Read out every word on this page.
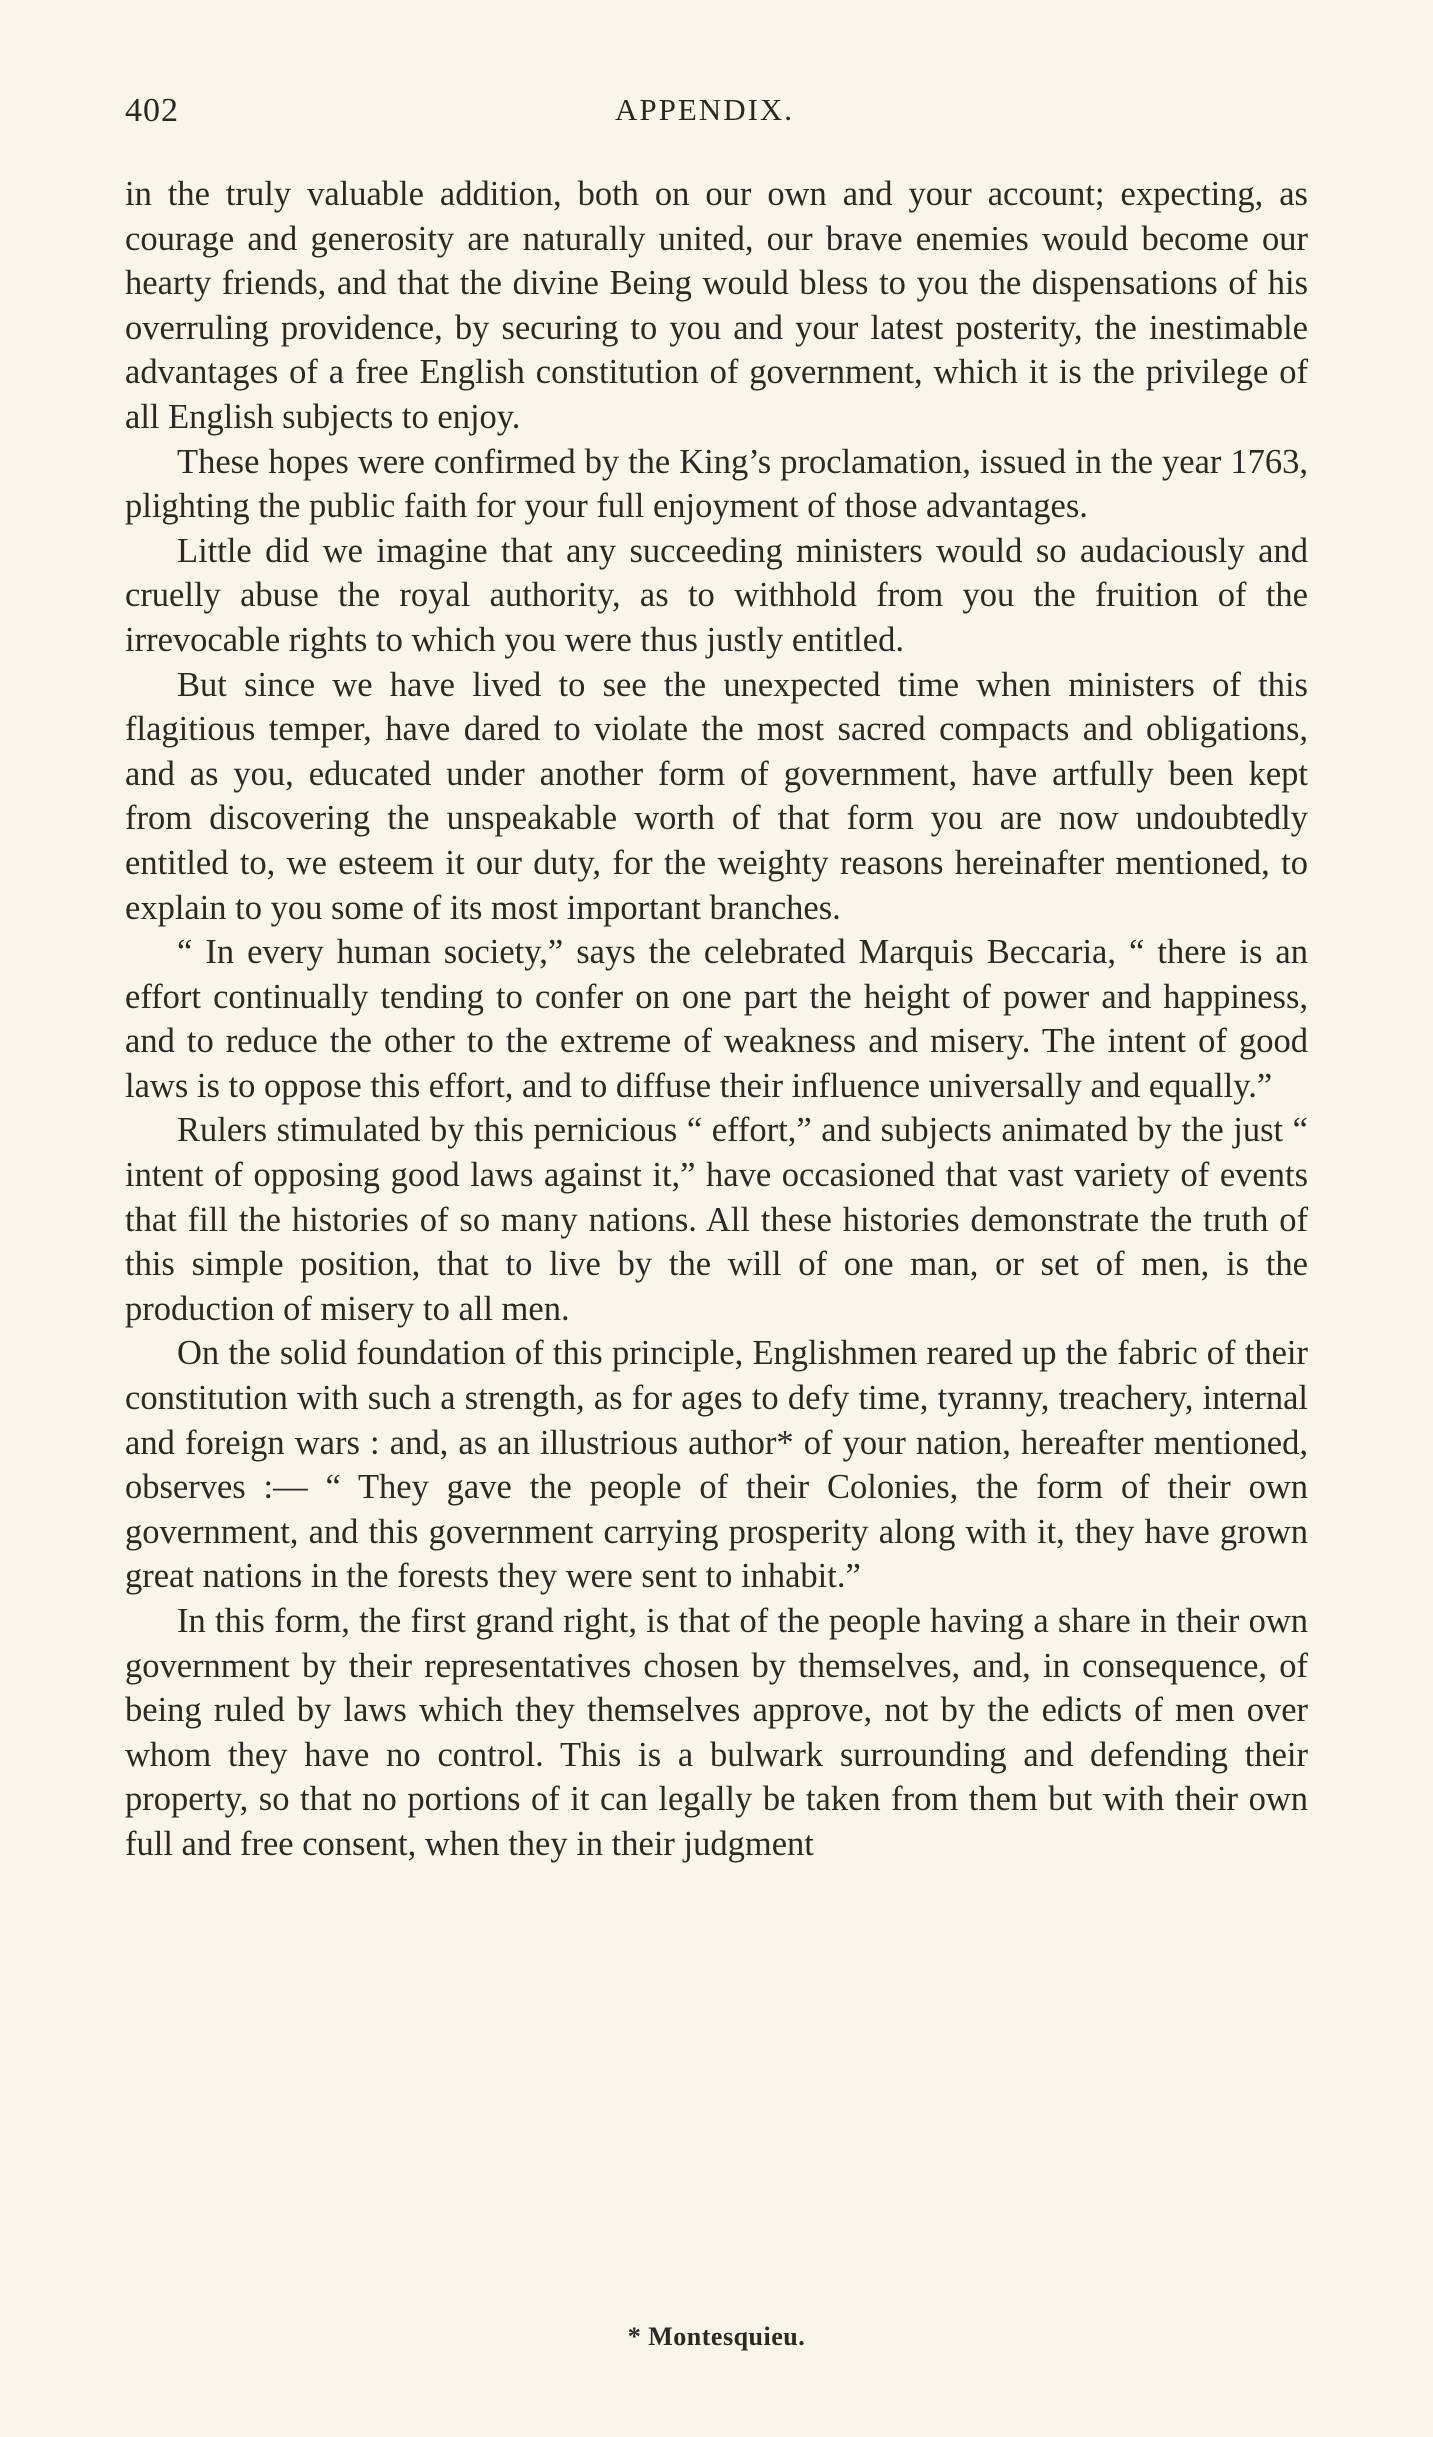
402	APPENDIX.

in the truly valuable addition, both on our own and your account; expecting, as courage and generosity are naturally united, our brave enemies would become our hearty friends, and that the divine Being would bless to you the dispensations of his overruling providence, by securing to you and your latest posterity, the inestimable advantages of a free English constitution of government, which it is the privilege of all English subjects to enjoy.

These hopes were confirmed by the King’s proclamation, issued in the year 1763, plighting the public faith for your full enjoyment of those advantages.

Little did we imagine that any succeeding ministers would so audaciously and cruelly abuse the royal authority, as to withhold from you the fruition of the irrevocable rights to which you were thus justly entitled.

But since we have lived to see the unexpected time when ministers of this flagitious temper, have dared to violate the most sacred compacts and obligations, and as you, educated under another form of government, have artfully been kept from discovering the unspeakable worth of that form you are now undoubtedly entitled to, we esteem it our duty, for the weighty reasons hereinafter mentioned, to explain to you some of its most important branches.

“ In every human society,” says the celebrated Marquis Beccaria, “ there is an effort continually tending to confer on one part the height of power and happiness, and to reduce the other to the extreme of weakness and misery. The intent of good laws is to oppose this effort, and to diffuse their influence universally and equally.”

Rulers stimulated by this pernicious “ effort,” and subjects animated by the just “ intent of opposing good laws against it,” have occasioned that vast variety of events that fill the histories of so many nations. All these histories demonstrate the truth of this simple position, that to live by the will of one man, or set of men, is the production of misery to all men.

On the solid foundation of this principle, Englishmen reared up the fabric of their constitution with such a strength, as for ages to defy time, tyranny, treachery, internal and foreign wars : and, as an illustrious author* of your nation, hereafter mentioned, observes :— “ They gave the people of their Colonies, the form of their own government, and this government carrying prosperity along with it, they have grown great nations in the forests they were sent to inhabit.”

In this form, the first grand right, is that of the people having a share in their own government by their representatives chosen by themselves, and, in consequence, of being ruled by laws which they themselves approve, not by the edicts of men over whom they have no control. This is a bulwark surrounding and defending their property, so that no portions of it can legally be taken from them but with their own full and free consent, when they in their judgment

* Montesquieu.
